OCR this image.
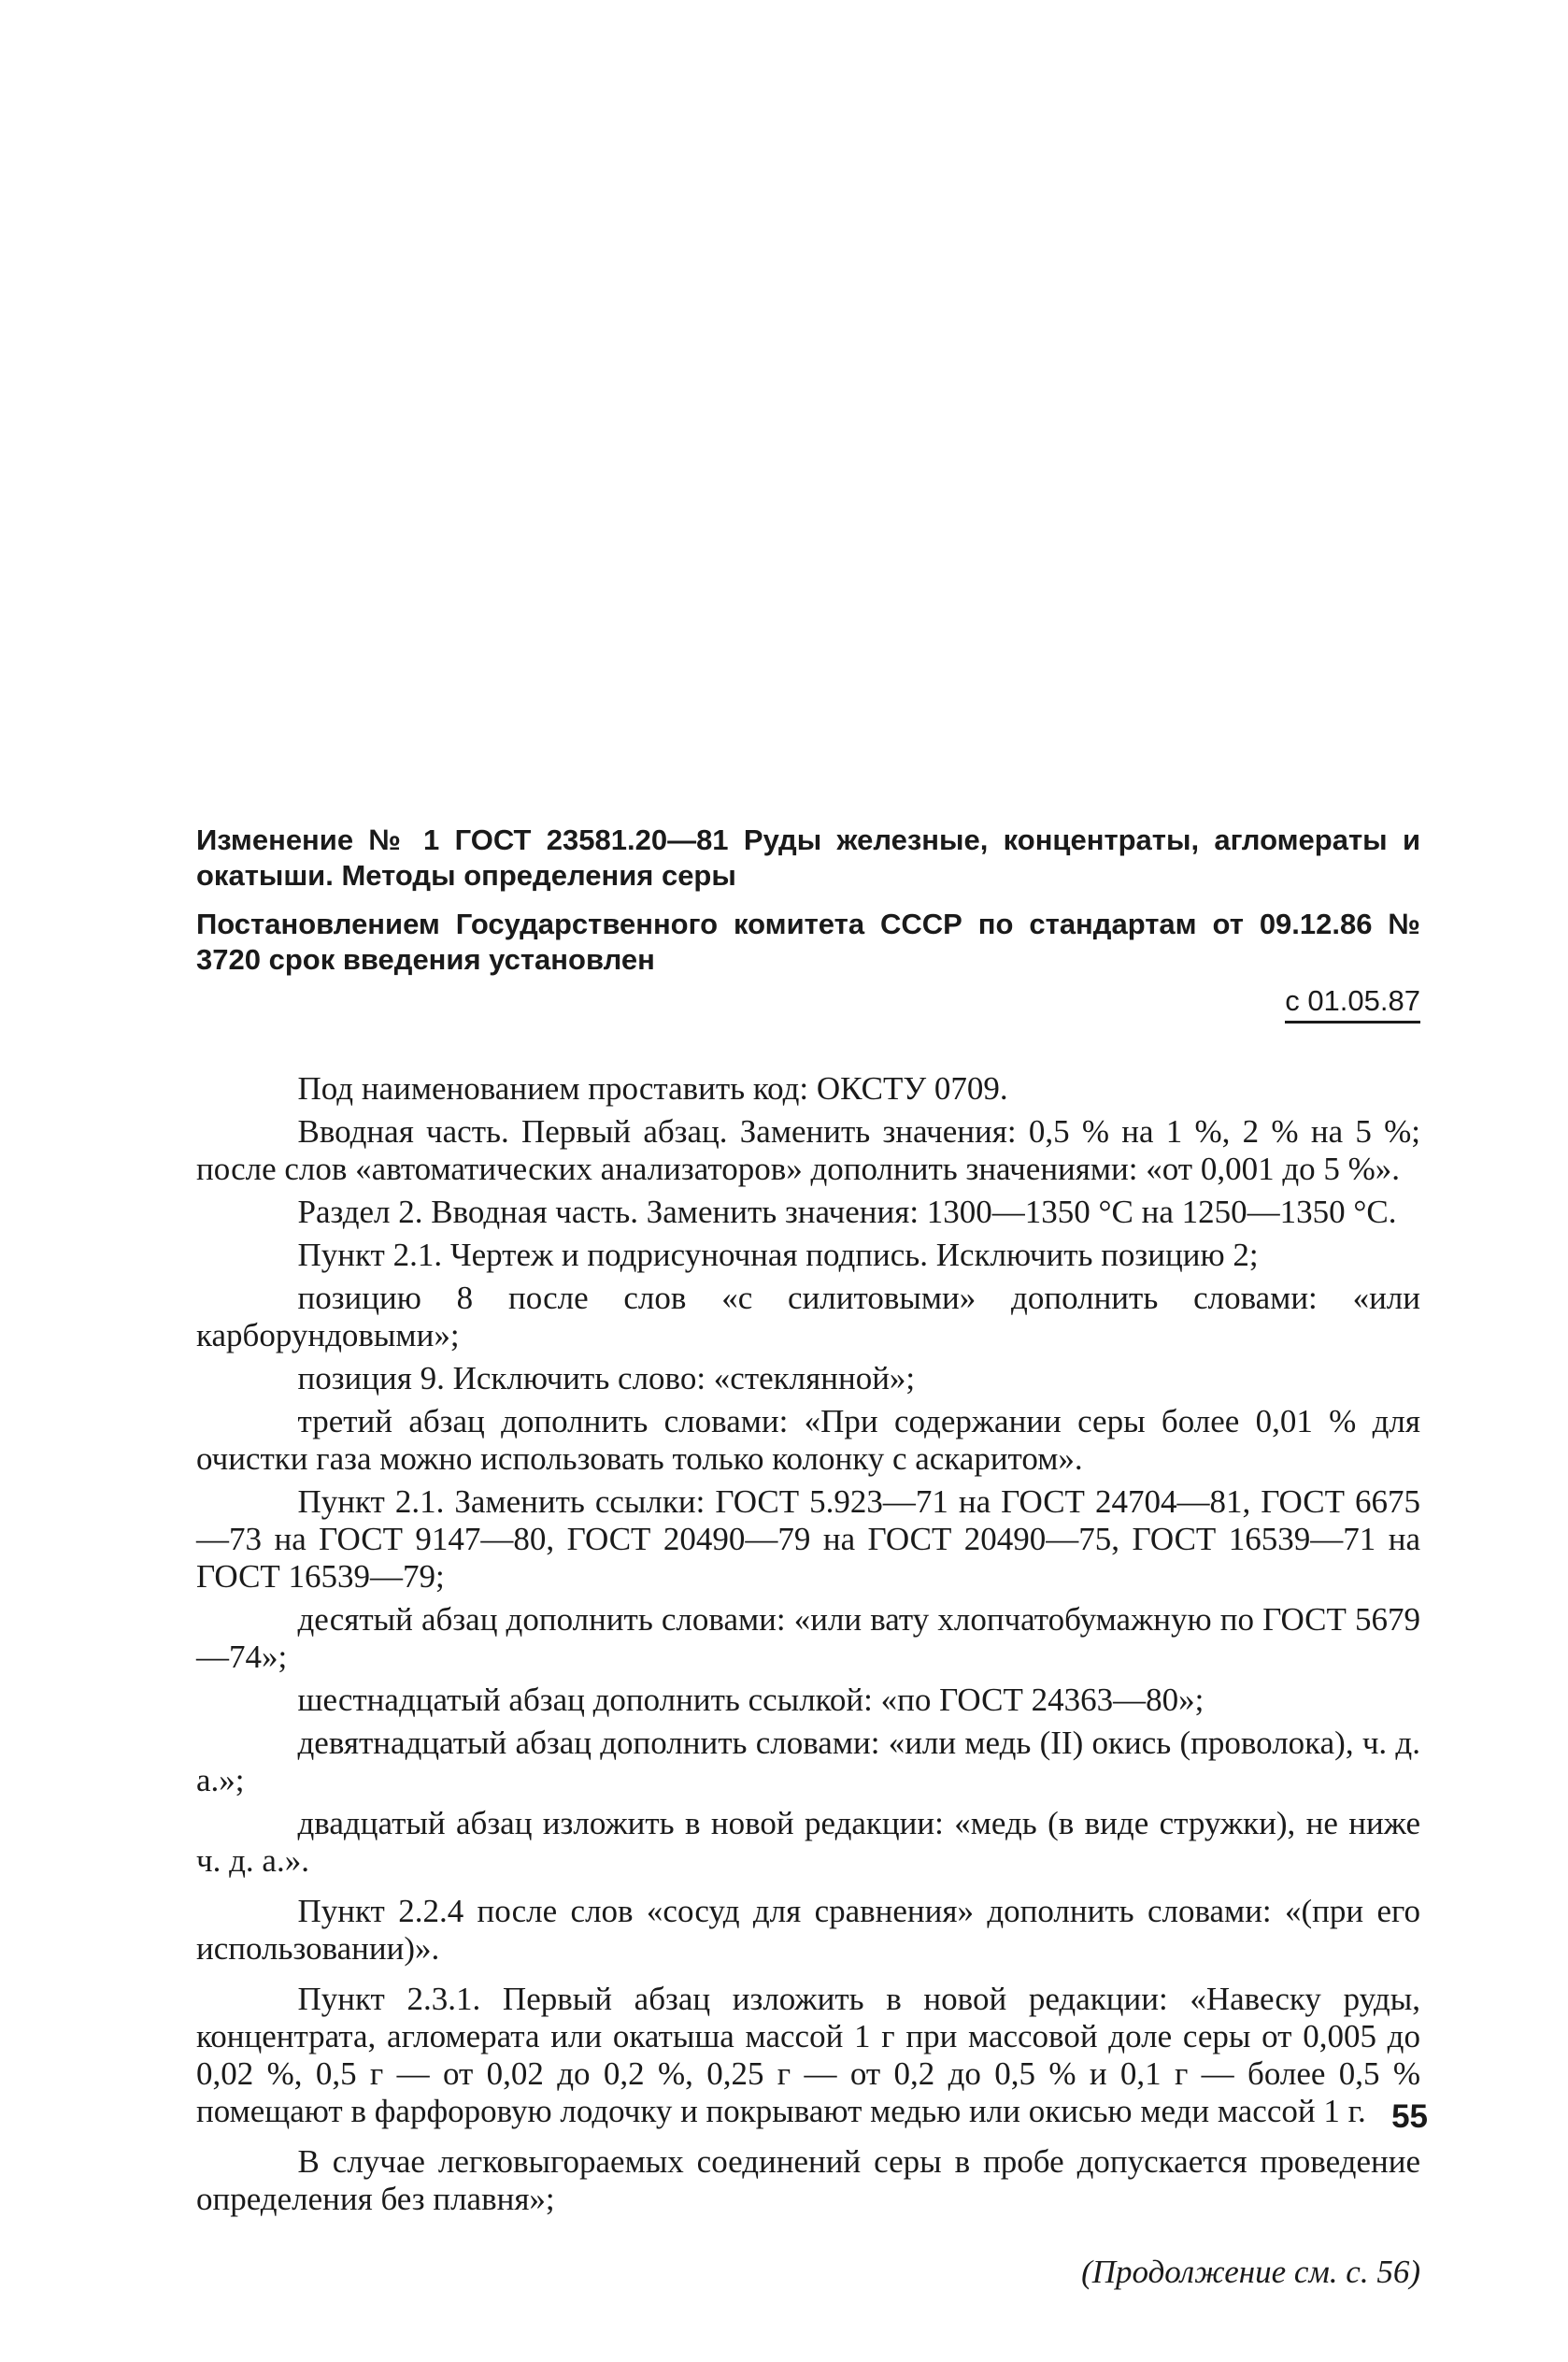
Изменение № 1 ГОСТ 23581.20—81 Руды железные, концентраты, агломераты и окатыши. Методы определения серы

Постановлением Государственного комитета СССР по стандартам от 09.12.86 № 3720 срок введения установлен

с 01.05.87

Под наименованием проставить код: ОКСТУ 0709.

Вводная часть. Первый абзац. Заменить значения: 0,5 % на 1 %, 2 % на 5 %; после слов «автоматических анализаторов» дополнить значениями: «от 0,001 до 5 %».

Раздел 2. Вводная часть. Заменить значения: 1300—1350 °С на 1250—1350 °С.

Пункт 2.1. Чертеж и подрисуночная подпись. Исключить позицию 2;

позицию 8 после слов «с силитовыми» дополнить словами: «или карборундовыми»;

позиция 9. Исключить слово: «стеклянной»;

третий абзац дополнить словами: «При содержании серы более 0,01 % для очистки газа можно использовать только колонку с аскаритом».

Пункт 2.1. Заменить ссылки: ГОСТ 5.923—71 на ГОСТ 24704—81, ГОСТ 6675—73 на ГОСТ 9147—80, ГОСТ 20490—79 на ГОСТ 20490—75, ГОСТ 16539—71 на ГОСТ 16539—79;

десятый абзац дополнить словами: «или вату хлопчатобумажную по ГОСТ 5679—74»;

шестнадцатый абзац дополнить ссылкой: «по ГОСТ 24363—80»;

девятнадцатый абзац дополнить словами: «или медь (II) окись (проволока), ч. д. а.»;

двадцатый абзац изложить в новой редакции: «медь (в виде стружки), не ниже ч. д. а.».

Пункт 2.2.4 после слов «сосуд для сравнения» дополнить словами: «(при его использовании)».

Пункт 2.3.1. Первый абзац изложить в новой редакции: «Навеску руды, концентрата, агломерата или окатыша массой 1 г при массовой доле серы от 0,005 до 0,02 %, 0,5 г — от 0,02 до 0,2 %, 0,25 г — от 0,2 до 0,5 % и 0,1 г — более 0,5 % помещают в фарфоровую лодочку и покрывают медью или окисью меди массой 1 г.

В случае легковыгораемых соединений серы в пробе допускается проведение определения без плавня»;

(Продолжение см. с. 56)
55
